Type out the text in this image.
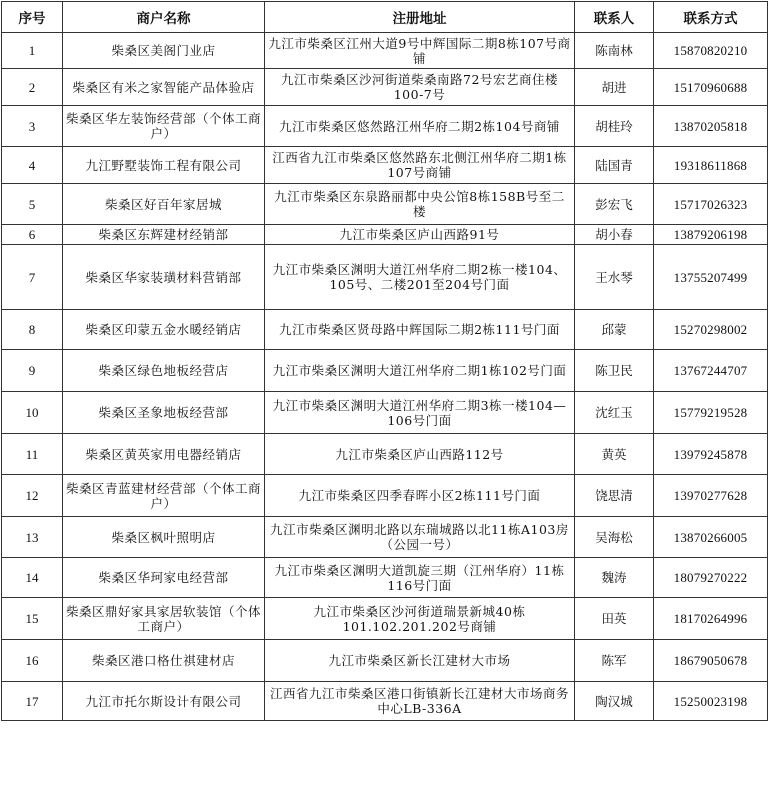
序号	商户名称	注册地址	联系人	联系方式
1	柴桑区美阁门业店	九江市柴桑区江州大道9号中辉国际二期8栋107号商铺	陈南林	15870820210
2	柴桑区有米之家智能产品体验店	九江市柴桑区沙河街道柴桑南路72号宏艺商住楼100-7号	胡进	15170960688
3	柴桑区华左装饰经营部（个体工商户）	九江市柴桑区悠然路江州华府二期2栋104号商铺	胡桂玲	13870205818
4	九江野墅装饰工程有限公司	江西省九江市柴桑区悠然路东北侧江州华府二期1栋107号商铺	陆国青	19318611868
5	柴桑区好百年家居城	九江市柴桑区东泉路丽都中央公馆8栋158B号至二楼	彭宏飞	15717026323
6	柴桑区东辉建材经销部	九江市柴桑区庐山西路91号	胡小春	13879206198
7	柴桑区华家装璜材料营销部	九江市柴桑区渊明大道江州华府二期2栋一楼104、105号、二楼201至204号门面	王水琴	13755207499
8	柴桑区印蒙五金水暖经销店	九江市柴桑区贤母路中辉国际二期2栋111号门面	邱蒙	15270298002
9	柴桑区绿色地板经营店	九江市柴桑区渊明大道江州华府二期1栋102号门面	陈卫民	13767244707
10	柴桑区圣象地板经营部	九江市柴桑区渊明大道江州华府二期3栋一楼104—106号门面	沈红玉	15779219528
11	柴桑区黄英家用电器经销店	九江市柴桑区庐山西路112号	黄英	13979245878
12	柴桑区青蓝建材经营部（个体工商户）	九江市柴桑区四季春晖小区2栋111号门面	饶思清	13970277628
13	柴桑区枫叶照明店	九江市柴桑区渊明北路以东瑞城路以北11栋A103房（公园一号）	吴海松	13870266005
14	柴桑区华珂家电经营部	九江市柴桑区渊明大道凯旋三期（江州华府）11栋116号门面	魏涛	18079270222
15	柴桑区鼎好家具家居软装馆（个体工商户）	九江市柴桑区沙河街道瑞景新城40栋101.102.201.202号商铺	田英	18170264996
16	柴桑区港口格仕祺建材店	九江市柴桑区新长江建材大市场	陈军	18679050678
17	九江市托尔斯设计有限公司	江西省九江市柴桑区港口街镇新长江建材大市场商务中心LB-336A	陶汉城	15250023198
